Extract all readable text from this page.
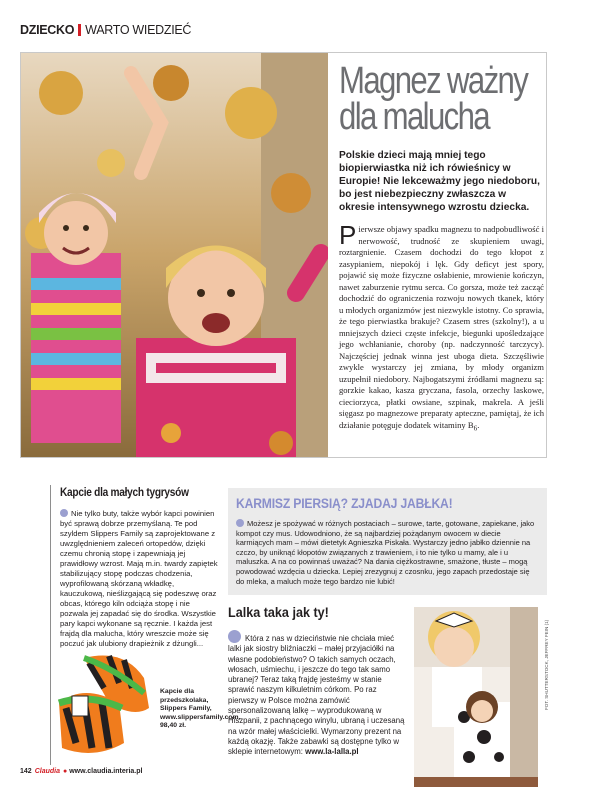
DZIECKO WARTO WIEDZIEĆ
Magnez ważny
dla malucha

Polskie dzieci mają mniej tego biopierwiastka niż ich rówieśnicy w Europie! Nie lekceważmy jego niedoboru, bo jest niebezpieczny zwłaszcza w okresie intensywnego wzrostu dziecka.

Pierwsze objawy spadku magnezu to nadpobudliwość i nerwowość, trudność ze skupieniem uwagi, roztargnienie. Czasem dochodzi do tego kłopot z zasypianiem, niepokój i lęk. Gdy deficyt jest spory, pojawić się może fizyczne osłabienie, mrowienie kończyn, nawet zaburzenie rytmu serca. Co gorsza, może też zacząć dochodzić do ograniczenia rozwoju nowych tkanek, który u młodych organizmów jest niezwykle istotny. Co sprawia, że tego pierwiastka brakuje? Czasem stres (szkolny!), a u mniejszych dzieci częste infekcje, biegunki upośledzające jego wchłanianie, choroby (np. nadczynność tarczycy). Najczęściej jednak winna jest uboga dieta. Szczęśliwie zwykle wystarczy jej zmiana, by młody organizm uzupełnił niedobory. Najbogatszymi źródłami magnezu są: gorzkie kakao, kasza gryczana, fasola, orzechy laskowe, cieciorzyca, płatki owsiane, szpinak, makrela. A jeśli sięgasz po magnezowe preparaty apteczne, pamiętaj, że ich działanie potęguje dodatek witaminy $B_6$.

Kapcie dla małych tygrysów

Nie tylko buty, także wybór kapci powinien być sprawą dobrze przemyślaną. Te pod szyldem Slippers Family są zaprojektowane z uwzględnieniem zaleceń ortopedów, dzięki czemu chronią stopę i zapewniają jej prawidłowy wzrost. Mają m.in. twardy zapiętek stabilizujący stopę podczas chodzenia, wyprofilowaną skórzaną wkładkę, kauczukową, nieślizgającą się podeszwę oraz obcas, którego kiln odciąża stopę i nie pozwala jej zapadać się do środka. Wszystkie pary kapci wykonane są ręcznie. I każda jest frajdą dla malucha, który wreszcie może się poczuć jak ulubiony drapieżnik z dżungli...

Kapcie dla przedszkolaka, Slippers Family, www.slippersfamily.com, 98,40 zł.

142 Claudia ● www.claudia.interia.pl
KARMISZ PIERSIĄ? ZJADAJ JABŁKA!

Możesz je spożywać w różnych postaciach – surowe, tarte, gotowane, zapiekane, jako kompot czy mus. Udowodniono, że są najbardziej pożądanym owocem w diecie karmiących mam – mówi dietetyk Agnieszka Piskała. Wystarczy jedno jabłko dziennie na czczo, by uniknąć kłopotów związanych z trawieniem, i to nie tylko u mamy, ale i u maluszka. A na co powinnaś uważać? Na dania ciężkostrawne, smażone, tłuste – mogą powodować wzdęcia u dziecka. Lepiej zrezygnuj z czosnku, jego zapach przedostaje się do mleka, a maluch może tego bardzo nie lubić!

Lalka taka jak ty!

Która z nas w dzieciństwie nie chciała mieć lalki jak siostry bliźniaczki – małej przyjaciółki na własne podobieństwo? O takich samych oczach, włosach, uśmiechu, i jeszcze do tego tak samo ubranej? Teraz taką frajdę jesteśmy w stanie sprawić naszym kilkuletnim córkom. Po raz pierwszy w Polsce można zamówić spersonalizowaną lalkę – wyprodukowaną w Hiszpanii, z pachnącego winylu, ubraną i uczesaną na wzór małej właścicielki. Wymarzony prezent na każdą okazję. Także zabawki są dostępne tylko w sklepie internetowym: www.la-lalla.pl

FOT. SHUTTERSTOCK, JEFFREY FEIN (1)
